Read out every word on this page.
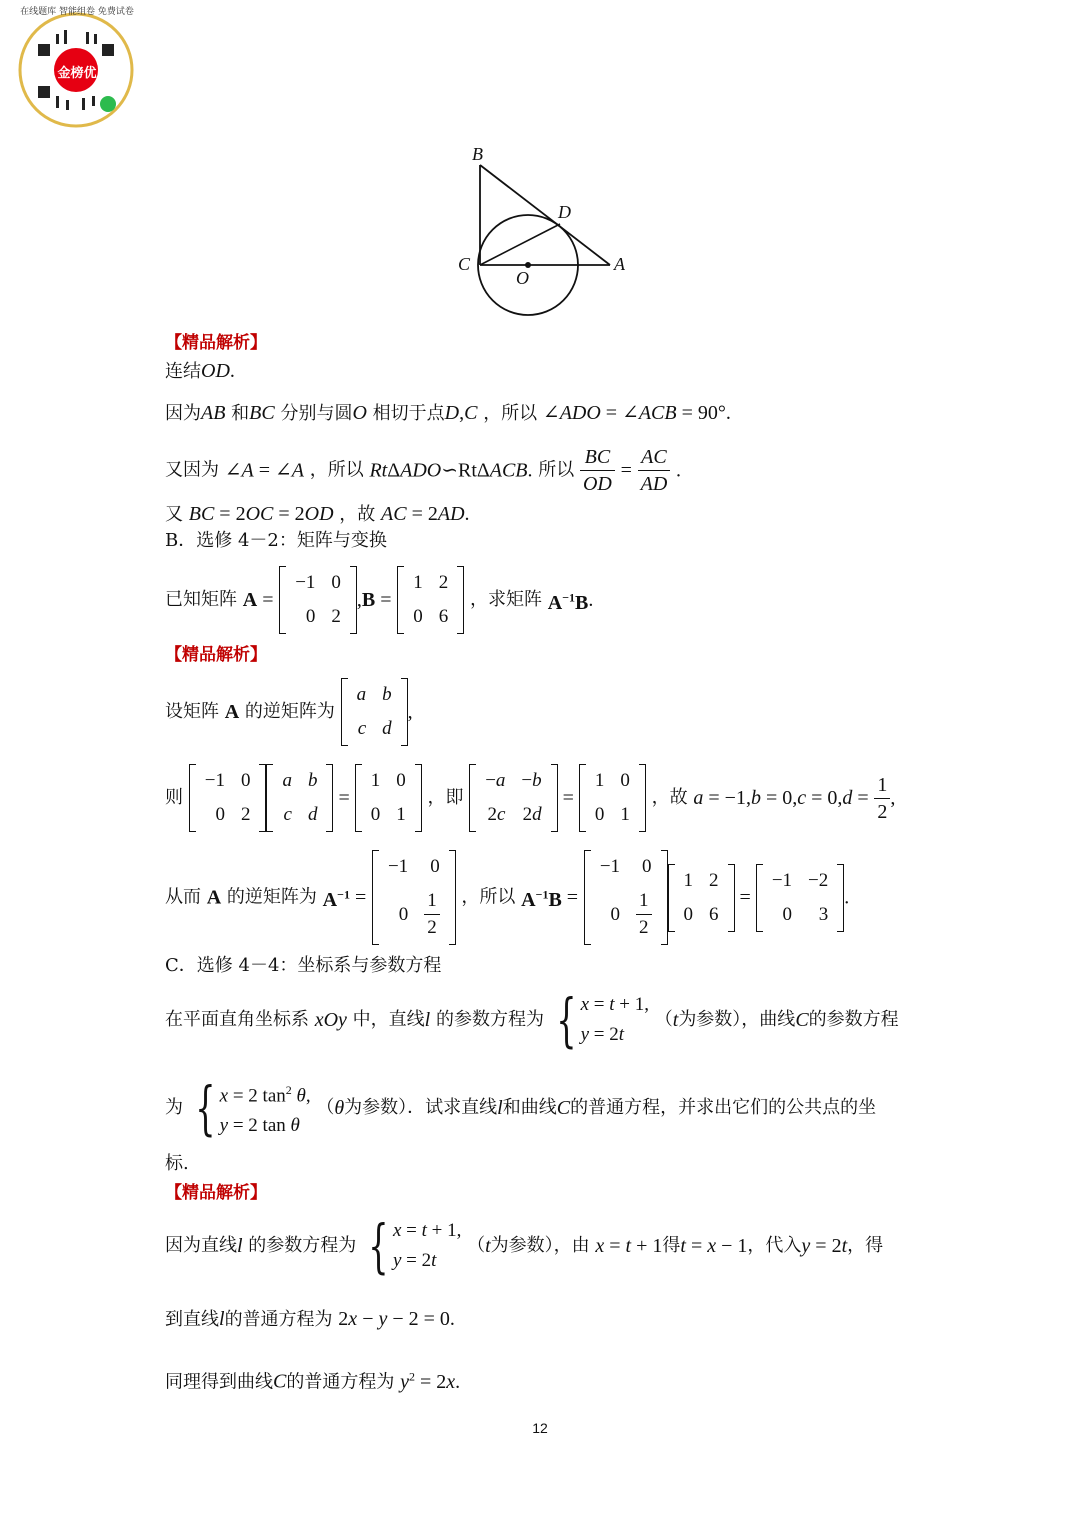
金榜优
在线题库 智能组卷 免费试卷
B
D
C
O
A
【精品解析】
连结OD.
因为AB 和BC 分别与圆O 相切于点D,C ，所以 ∠ADO = ∠ACB = 90°.
又因为 ∠A = ∠A ，所以 RtΔADO∽RtΔACB. 所以 $\frac{BC}{OD} = \frac{AC}{AD}$ .
又 BC = 2OC = 2OD ，故 AC = 2AD.
B．选修 4－2：矩阵与变换
已知矩阵 A =
−1	0
0	2
,B =
1	2
0	6
，求矩阵 $A^{-1}B$.
【精品解析】
设矩阵 A 的逆矩阵为
a	b
c	d
,
则
−1	0
0	2
a	b
c	d
=
1	0
0	1
，即
−a	−b
2c	2d
=
1	0
0	1
，故 $a = -1,b = 0,c = 0,d = \frac{1}{2}$ ,
从而 A 的逆矩阵为 $A^{-1}$ =
−1	0
0	$\frac{1}{2}$ ，所以 $A^{-1}B$ =
−1	0
0	$\frac{1}{2}$
1	2
0	6
=
−1	−2
0	3
.
C．选修 4－4：坐标系与参数方程
在平面直角坐标系 xOy 中，直线l 的参数方程为 { x = t + 1,
y = 2t
（t为参数），曲线C的参数方程
为 { x = 2 $\tan^2 \theta$,
y = 2 tan θ
（θ为参数）．试求直线l和曲线C的普通方程，并求出它们的公共点的坐
标.
【精品解析】
因为直线l 的参数方程为 { x = t + 1,
y = 2t
（t为参数），由 x = t + 1得t = x − 1，代入y = 2t，得
到直线l的普通方程为 2x − y − 2 = 0.
同理得到曲线C的普通方程为 $y^2 = 2x$.
12
